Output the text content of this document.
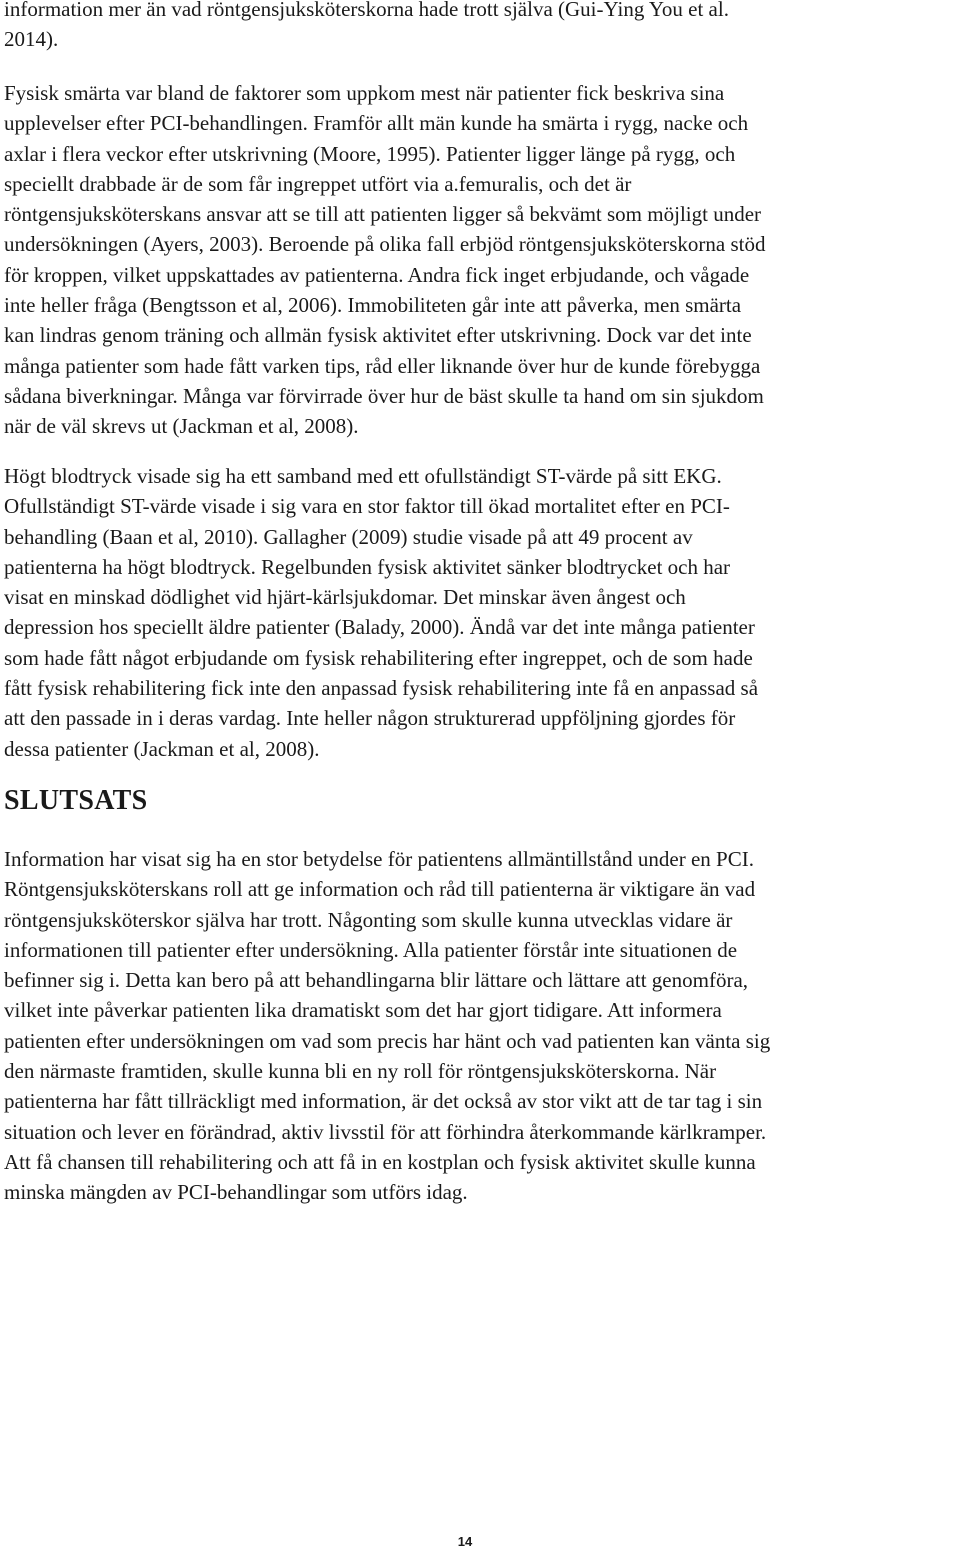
information mer än vad röntgensjuksköterskorna hade trott själva (Gui-Ying You et al.
2014).

Fysisk smärta var bland de faktorer som uppkom mest när patienter fick beskriva sina
upplevelser efter PCI-behandlingen. Framför allt män kunde ha smärta i rygg, nacke och
axlar i flera veckor efter utskrivning (Moore, 1995). Patienter ligger länge på rygg, och
speciellt drabbade är de som får ingreppet utfört via a.femuralis, och det är
röntgensjuksköterskans ansvar att se till att patienten ligger så bekvämt som möjligt under
undersökningen (Ayers, 2003). Beroende på olika fall erbjöd röntgensjuksköterskorna stöd
för kroppen, vilket uppskattades av patienterna. Andra fick inget erbjudande, och vågade
inte heller fråga (Bengtsson et al, 2006). Immobiliteten går inte att påverka, men smärta
kan lindras genom träning och allmän fysisk aktivitet efter utskrivning. Dock var det inte
många patienter som hade fått varken tips, råd eller liknande över hur de kunde förebygga
sådana biverkningar. Många var förvirrade över hur de bäst skulle ta hand om sin sjukdom
när de väl skrevs ut (Jackman et al, 2008).

Högt blodtryck visade sig ha ett samband med ett ofullständigt ST-värde på sitt EKG.
Ofullständigt ST-värde visade i sig vara en stor faktor till ökad mortalitet efter en PCI-
behandling (Baan et al, 2010). Gallagher (2009) studie visade på att 49 procent av
patienterna ha högt blodtryck. Regelbunden fysisk aktivitet sänker blodtrycket och har
visat en minskad dödlighet vid hjärt-kärlsjukdomar. Det minskar även ångest och
depression hos speciellt äldre patienter (Balady, 2000). Ändå var det inte många patienter
som hade fått något erbjudande om fysisk rehabilitering efter ingreppet, och de som hade
fått fysisk rehabilitering fick inte den anpassad fysisk rehabilitering inte få en anpassad så
att den passade in i deras vardag. Inte heller någon strukturerad uppföljning gjordes för
dessa patienter (Jackman et al, 2008).

SLUTSATS

Information har visat sig ha en stor betydelse för patientens allmäntillstånd under en PCI.
Röntgensjuksköterskans roll att ge information och råd till patienterna är viktigare än vad
röntgensjuksköterskor själva har trott. Någonting som skulle kunna utvecklas vidare är
informationen till patienter efter undersökning. Alla patienter förstår inte situationen de
befinner sig i. Detta kan bero på att behandlingarna blir lättare och lättare att genomföra,
vilket inte påverkar patienten lika dramatiskt som det har gjort tidigare. Att informera
patienten efter undersökningen om vad som precis har hänt och vad patienten kan vänta sig
den närmaste framtiden, skulle kunna bli en ny roll för röntgensjuksköterskorna. När
patienterna har fått tillräckligt med information, är det också av stor vikt att de tar tag i sin
situation och lever en förändrad, aktiv livsstil för att förhindra återkommande kärlkramper.
Att få chansen till rehabilitering och att få in en kostplan och fysisk aktivitet skulle kunna
minska mängden av PCI-behandlingar som utförs idag.

14
